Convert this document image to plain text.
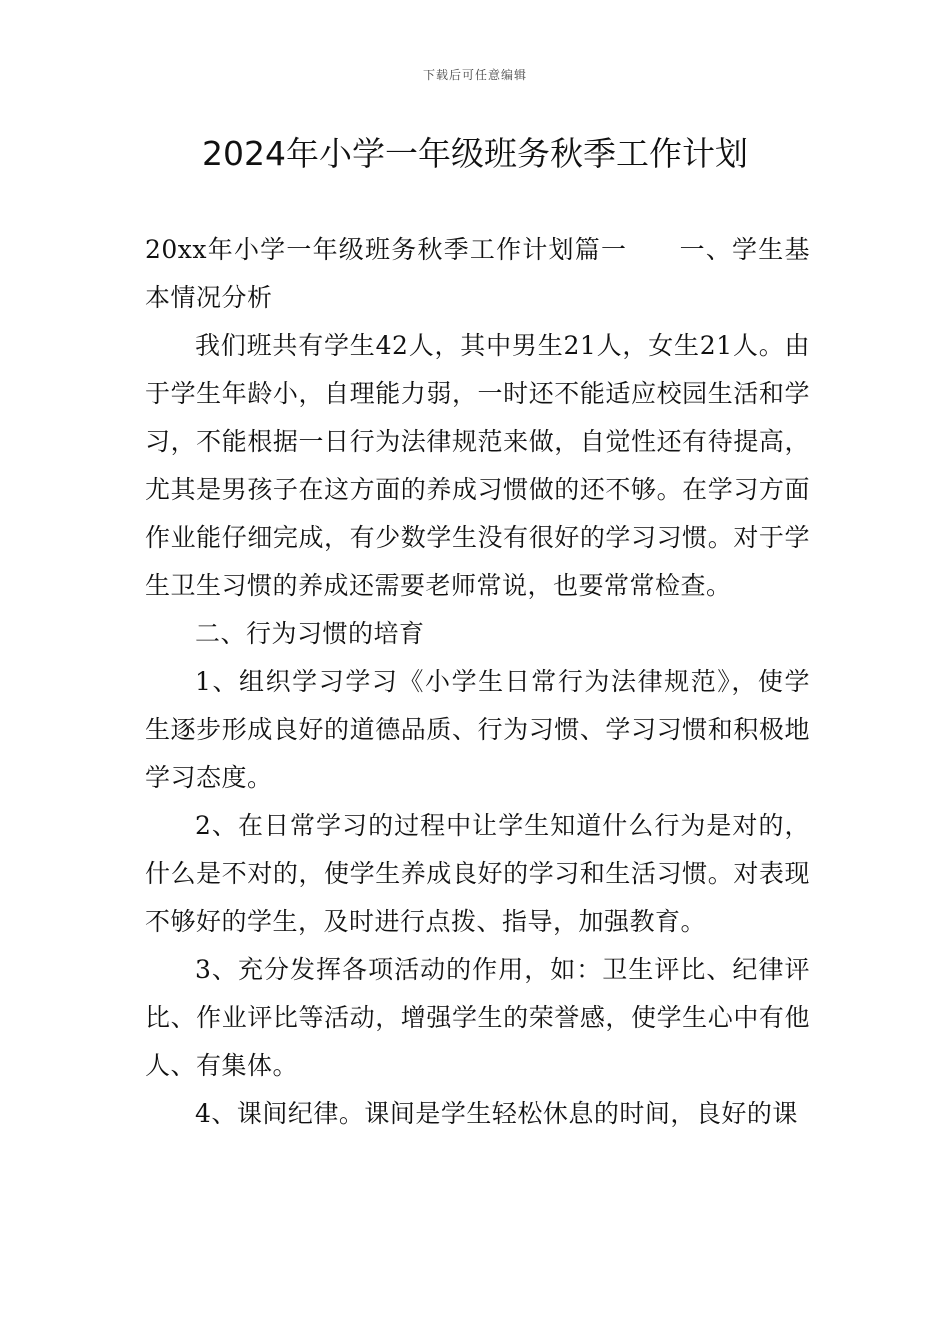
下载后可任意编辑
2024年小学一年级班务秋季工作计划

20xx年小学一年级班务秋季工作计划篇一　　一、学生基本情况分析

我们班共有学生42人，其中男生21人，女生21人。由于学生年龄小，自理能力弱，一时还不能适应校园生活和学习，不能根据一日行为法律规范来做，自觉性还有待提高，尤其是男孩子在这方面的养成习惯做的还不够。在学习方面作业能仔细完成，有少数学生没有很好的学习习惯。对于学生卫生习惯的养成还需要老师常说，也要常常检查。

二、行为习惯的培育

1、组织学习学习《小学生日常行为法律规范》，使学生逐步形成良好的道德品质、行为习惯、学习习惯和积极地学习态度。

2、在日常学习的过程中让学生知道什么行为是对的，什么是不对的，使学生养成良好的学习和生活习惯。对表现不够好的学生，及时进行点拨、指导，加强教育。

3、充分发挥各项活动的作用，如：卫生评比、纪律评比、作业评比等活动，增强学生的荣誉感，使学生心中有他人、有集体。

4、课间纪律。课间是学生轻松休息的时间，良好的课
